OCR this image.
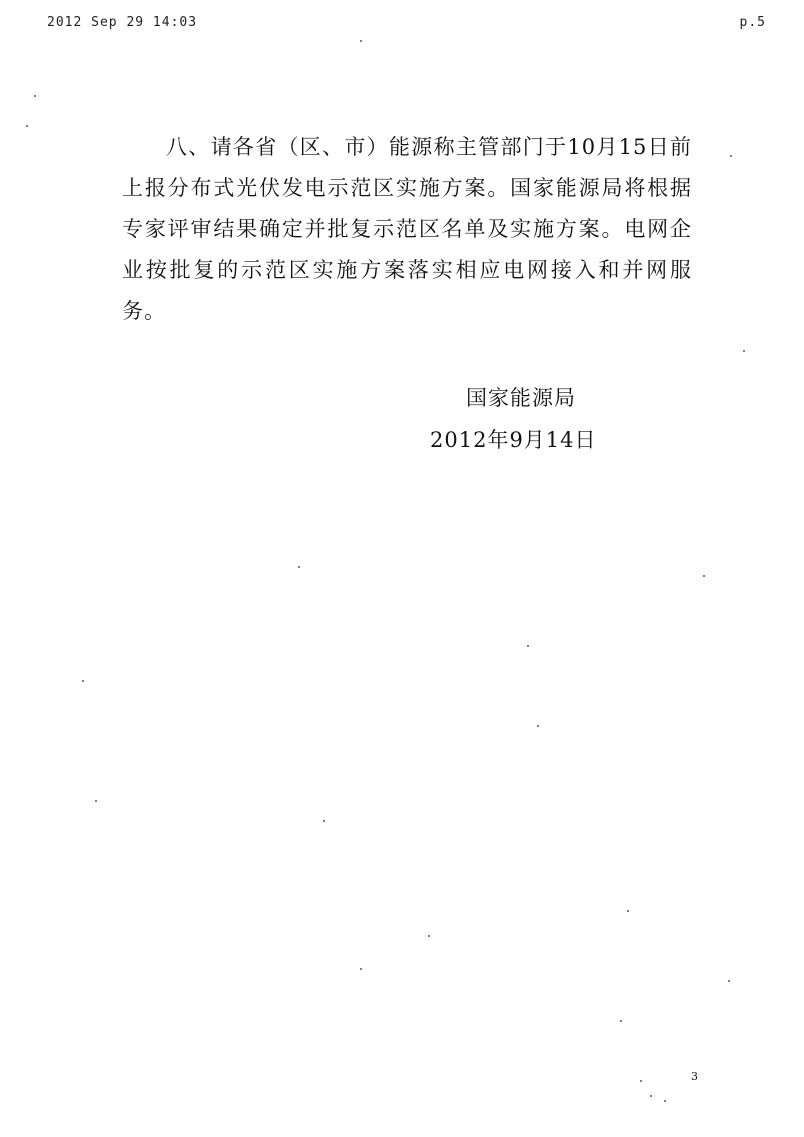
2012 Sep 29 14:03	p.5

八、请各省（区、市）能源称主管部门于10月15日前上报分布式光伏发电示范区实施方案。国家能源局将根据专家评审结果确定并批复示范区名单及实施方案。电网企业按批复的示范区实施方案落实相应电网接入和并网服务。

国家能源局
2012年9月14日
3
